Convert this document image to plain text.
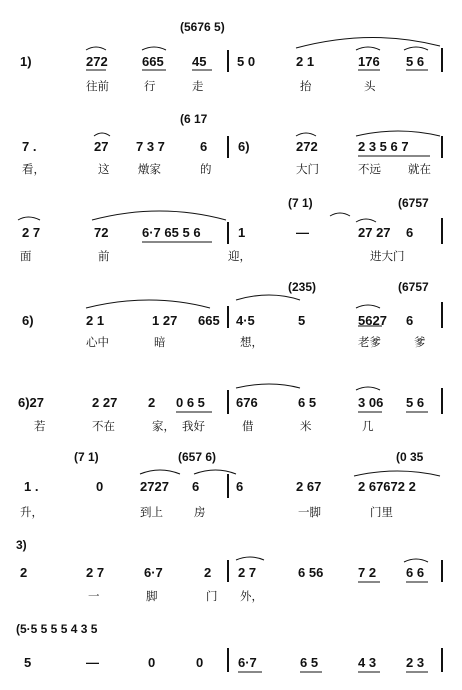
(5676 5)
1)	272	665 45 5 0	2 1	176 5 6
往前	行	走	抬	头
(6 17
7 .	27 7 3 7	6 6)	272	2 3 5 6 7
看，	这 燉家	的	大门	不远 就在
(7 1)	(6757
2 7	72	6·7 65 5 6	1	—	27 27 6
面	前	迎，	进大门
(235)	(6757
6)	2 1	1 27 665 4·5	5	5627 6
心中	暗	想，	老爹	爹
6)27	2 27 2 0 6 5 676	6 5	3 06 5 6
若	不在	家， 我好	借	米	几
(7 1)	(657 6)	(0 35
1 .	0	2727 6	6	2 67	2 67672 2
升，	到上	房	一脚	门里
3)
2	2 7	6·7	2 2 7	6 56	7 2 6 6
一	脚	门 外，
(5·5 5 5 5 4 3 5
5	—	0	0	6·7	6 5	4 3 2 3
